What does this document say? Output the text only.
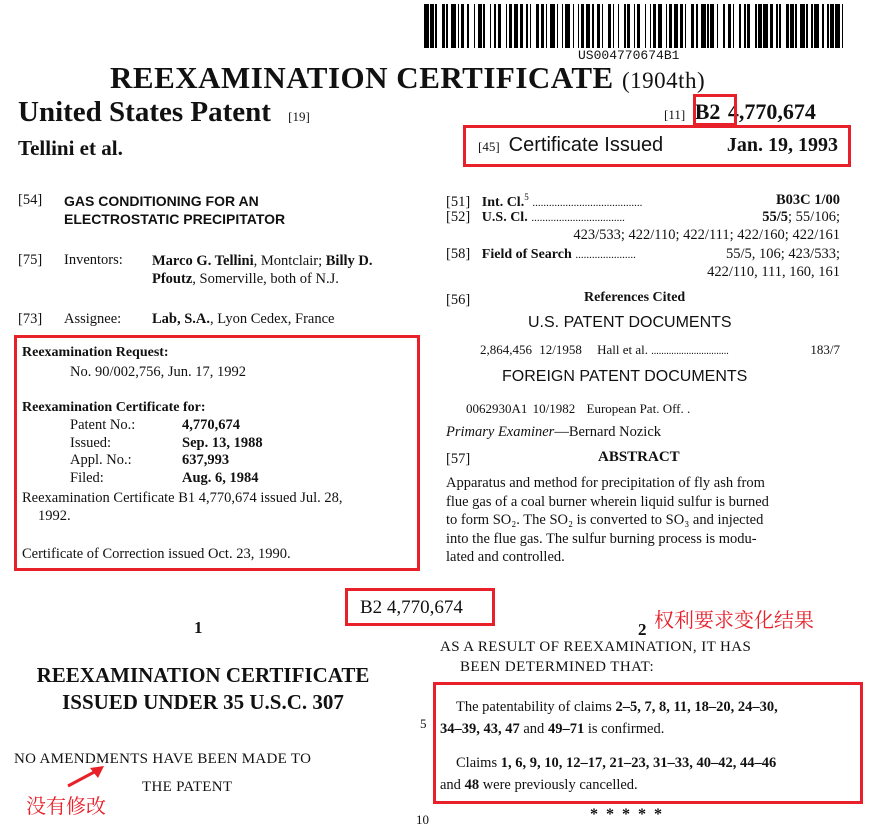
US004770674B1
REEXAMINATION CERTIFICATE (1904th)
United States Patent [19]	[11] B2 4,770,674
Tellini et al.	[45] Certificate Issued	Jan. 19, 1993
[54] GAS CONDITIONING FOR AN
ELECTROSTATIC PRECIPITATOR
[75] Inventors: Marco G. Tellini, Montclair; Billy D.
Pfoutz, Somerville, both of N.J.
[73] Assignee: Lab, S.A., Lyon Cedex, France
Reexamination Request:
No. 90/002,756, Jun. 17, 1992
Reexamination Certificate for:
Patent No.:	4,770,674
Issued:	Sep. 13, 1988
Appl. No.:	637,993
Filed:	Aug. 6, 1984
Reexamination Certificate B1 4,770,674 issued Jul. 28,
1992.
Certificate of Correction issued Oct. 23, 1990.
[51] Int. Cl.$^5$ ........................................	B03C 1/00
[52] U.S. Cl. ..................................	55/5; 55/106;
423/533; 422/110; 422/111; 422/160; 422/161
[58] Field of Search ......................	55/5, 106; 423/533;
422/110, 111, 160, 161
[56]	References Cited
U.S. PATENT DOCUMENTS
2,864,456 12/1958 Hall et al. ...............................	183/7
FOREIGN PATENT DOCUMENTS
0062930A1 10/1982 European Pat. Off. .
Primary Examiner—Bernard Nozick
[57]	ABSTRACT
Apparatus and method for precipitation of fly ash from
flue gas of a coal burner wherein liquid sulfur is burned
to form SO₂. The SO₂ is converted to SO₃ and injected
into the flue gas. The sulfur burning process is modu-
lated and controlled.
B2 4,770,674
1	2 权利要求变化结果
REEXAMINATION CERTIFICATE
ISSUED UNDER 35 U.S.C. 307
NO AMENDMENTS HAVE BEEN MADE TO
THE PATENT
没有修改
AS A RESULT OF REEXAMINATION, IT HAS
BEEN DETERMINED THAT:
5
The patentability of claims 2–5, 7, 8, 11, 18–20, 24–30,
34–39, 43, 47 and 49–71 is confirmed.
Claims 1, 6, 9, 10, 12–17, 21–23, 31–33, 40–42, 44–46
and 48 were previously cancelled.
10	*  *  *  *  *
